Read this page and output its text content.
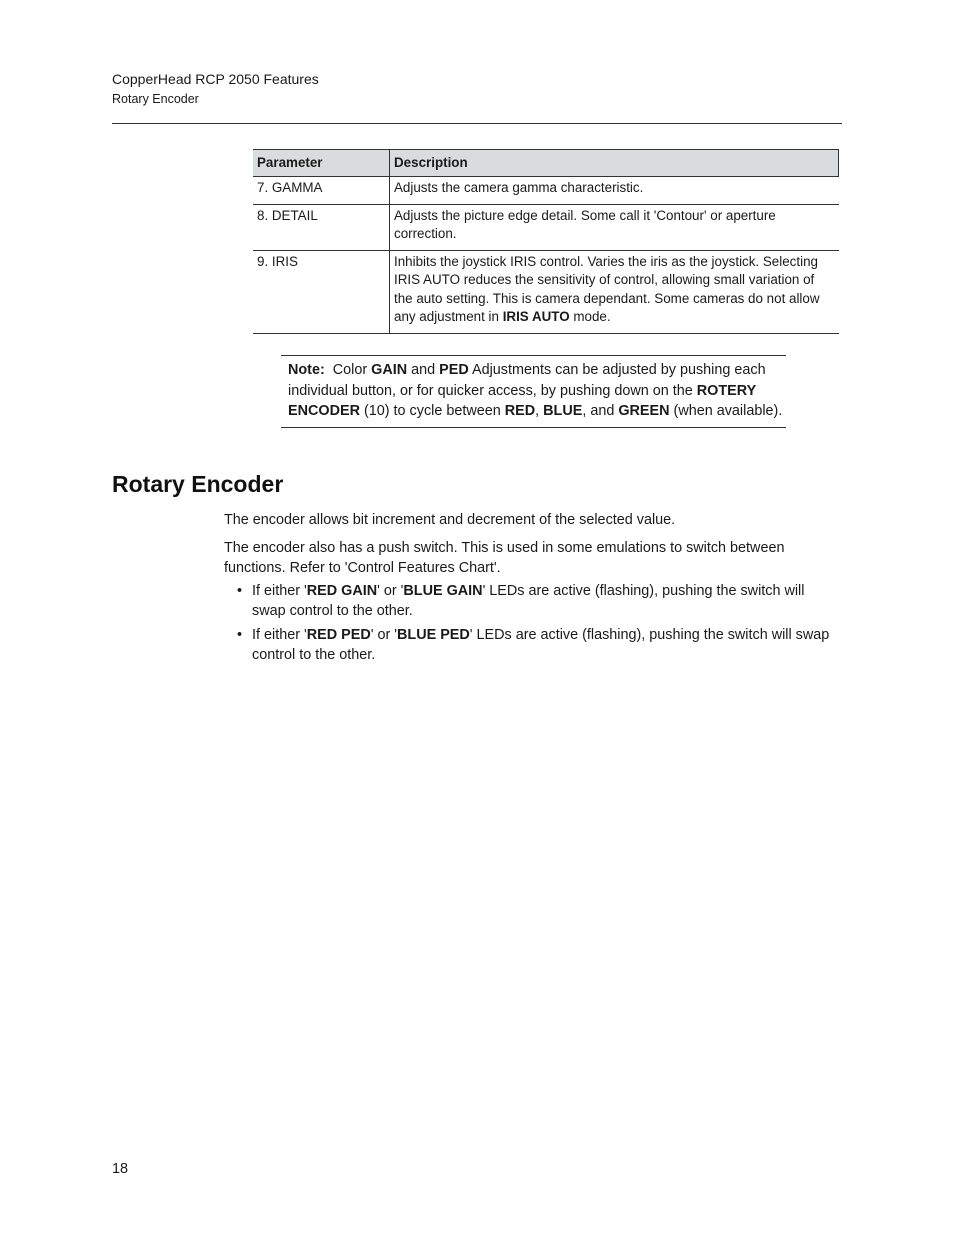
CopperHead RCP 2050 Features
Rotary Encoder
Parameter	Description
7. GAMMA	Adjusts the camera gamma characteristic.
8. DETAIL	Adjusts the picture edge detail. Some call it 'Contour' or aperture correction.
9. IRIS	Inhibits the joystick IRIS control. Varies the iris as the joystick. Selecting IRIS AUTO reduces the sensitivity of control, allowing small variation of the auto setting. This is camera dependant. Some cameras do not allow any adjustment in IRIS AUTO mode.
Note: Color GAIN and PED Adjustments can be adjusted by pushing each individual button, or for quicker access, by pushing down on the ROTERY ENCODER (10) to cycle between RED, BLUE, and GREEN (when available).
Rotary Encoder

The encoder allows bit increment and decrement of the selected value.

The encoder also has a push switch. This is used in some emulations to switch between functions. Refer to 'Control Features Chart'.

• If either 'RED GAIN' or 'BLUE GAIN' LEDs are active (flashing), pushing the switch will swap control to the other.
• If either 'RED PED' or 'BLUE PED' LEDs are active (flashing), pushing the switch will swap control to the other.
18
